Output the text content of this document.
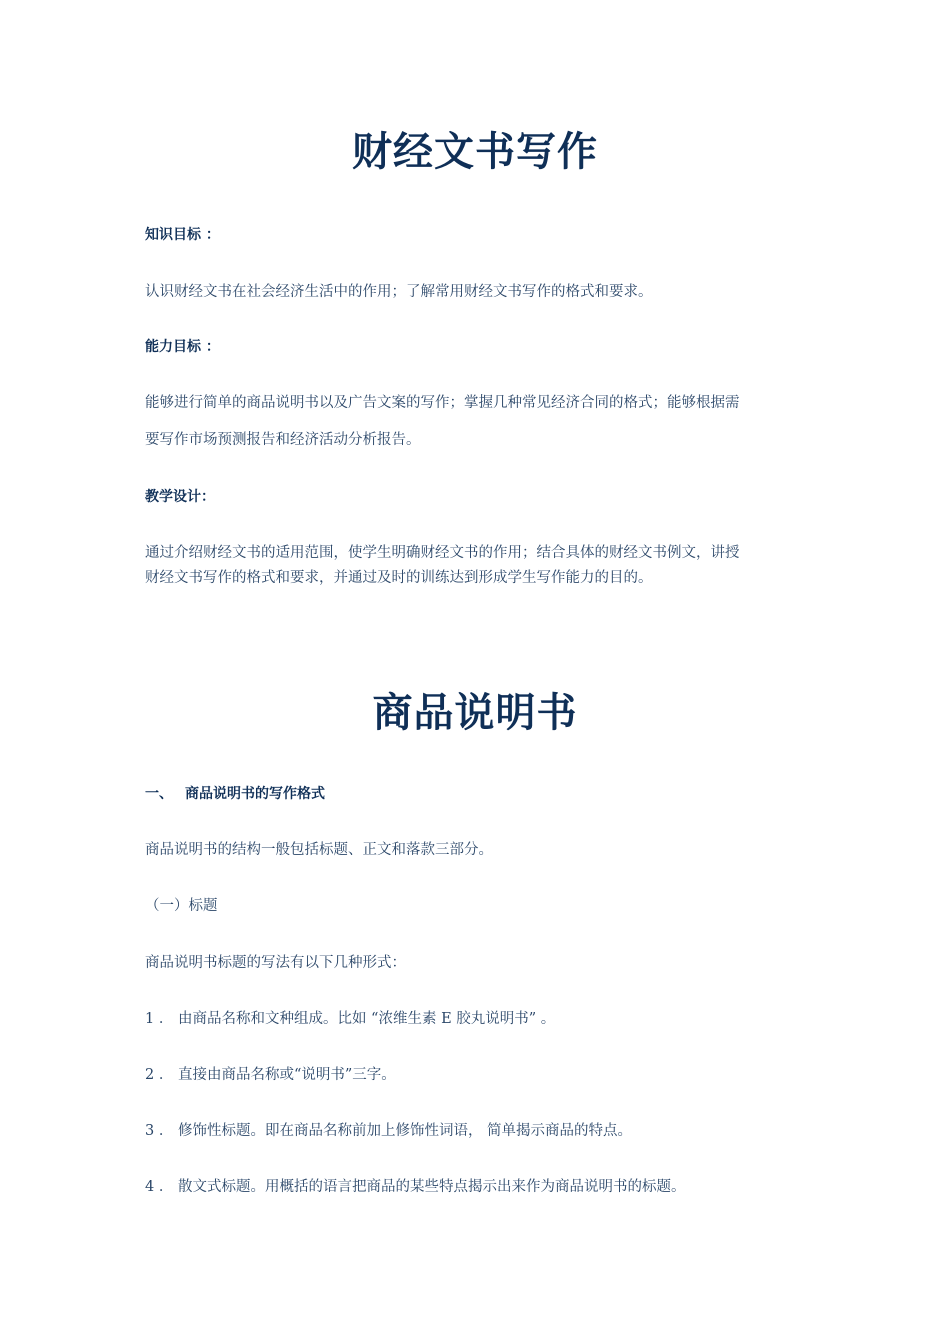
财经文书写作
知识目标 ：
认识财经文书在社会经济生活中的作用；了解常用财经文书写作的格式和要求。
能力目标 ：
能够进行简单的商品说明书以及广告文案的写作；掌握几种常见经济合同的格式；能够根据需
要写作市场预测报告和经济活动分析报告。
教学设计：
通过介绍财经文书的适用范围，使学生明确财经文书的作用；结合具体的财经文书例文，讲授
财经文书写作的格式和要求，并通过及时的训练达到形成学生写作能力的目的。
商品说明书
一、 商品说明书的写作格式
商品说明书的结构一般包括标题、正文和落款三部分。
（一）标题
商品说明书标题的写法有以下几种形式：
1 ． 由商品名称和文种组成。比如 “浓维生素 E 胶丸说明书” 。
2 ． 直接由商品名称或“说明书”三字。
3 ． 修饰性标题。即在商品名称前加上修饰性词语， 简单揭示商品的特点。
4 ． 散文式标题。用概括的语言把商品的某些特点揭示出来作为商品说明书的标题。
